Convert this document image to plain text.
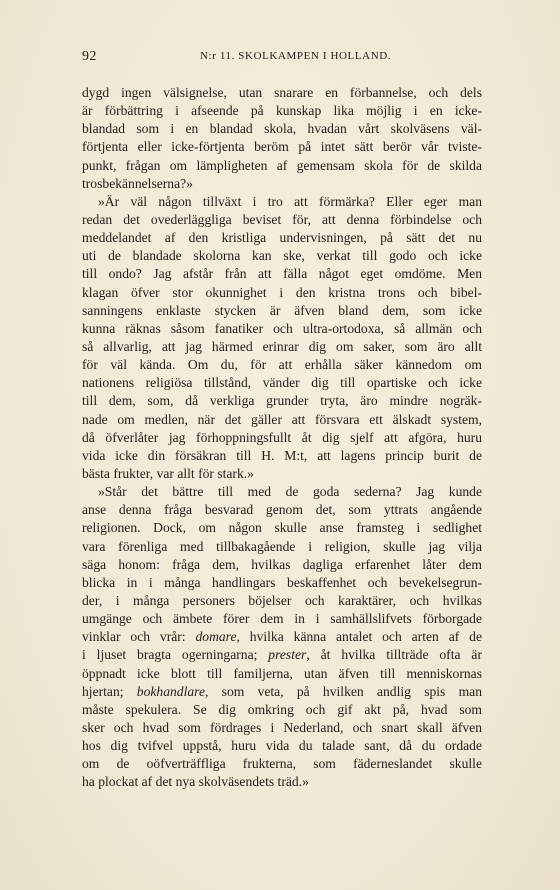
92	N:r 11. SKOLKAMPEN I HOLLAND.
dygd ingen välsignelse, utan snarare en förbannelse, och dels
är förbättring i afseende på kunskap lika möjlig i en icke-
blandad som i en blandad skola, hvadan vårt skolväsens väl-
förtjenta eller icke-förtjenta beröm på intet sätt berör vår tviste-
punkt, frågan om lämpligheten af gemensam skola för de skilda
trosbekännelserna?»
»Är väl någon tillväxt i tro att förmärka? Eller eger man
redan det ovederläggliga beviset för, att denna förbindelse och
meddelandet af den kristliga undervisningen, på sätt det nu
uti de blandade skolorna kan ske, verkat till godo och icke
till ondo? Jag afstår från att fälla något eget omdöme. Men
klagan öfver stor okunnighet i den kristna trons och bibel-
sanningens enklaste stycken är äfven bland dem, som icke
kunna räknas såsom fanatiker och ultra-ortodoxa, så allmän och
så allvarlig, att jag härmed erinrar dig om saker, som äro allt
för väl kända. Om du, för att erhålla säker kännedom om
nationens religiösa tillstånd, vänder dig till opartiske och icke
till dem, som, då verkliga grunder tryta, äro mindre nogräk-
nade om medlen, när det gäller att försvara ett älskadt system,
då öfverlåter jag förhoppningsfullt åt dig sjelf att afgöra, huru
vida icke din försäkran till H. M:t, att lagens princip burit de
bästa frukter, var allt för stark.»
»Står det bättre till med de goda sederna? Jag kunde
anse denna fråga besvarad genom det, som yttrats angående
religionen. Dock, om någon skulle anse framsteg i sedlighet
vara förenliga med tillbakagående i religion, skulle jag vilja
säga honom: fråga dem, hvilkas dagliga erfarenhet låter dem
blicka in i många handlingars beskaffenhet och bevekelsegrun-
der, i många personers böjelser och karaktärer, och hvilkas
umgänge och ämbete förer dem in i samhällslifvets förborgade
vinklar och vrår: domare, hvilka känna antalet och arten af de
i ljuset bragta ogerningarna; prester, åt hvilka tillträde ofta är
öppnadt icke blott till familjerna, utan äfven till menniskornas
hjertan; bokhandlare, som veta, på hvilken andlig spis man
måste spekulera. Se dig omkring och gif akt på, hvad som
sker och hvad som fördrages i Nederland, och snart skall äfven
hos dig tvifvel uppstå, huru vida du talade sant, då du ordade
om de oöfverträffliga frukterna, som fäderneslandet skulle
ha plockat af det nya skolväsendets träd.»
